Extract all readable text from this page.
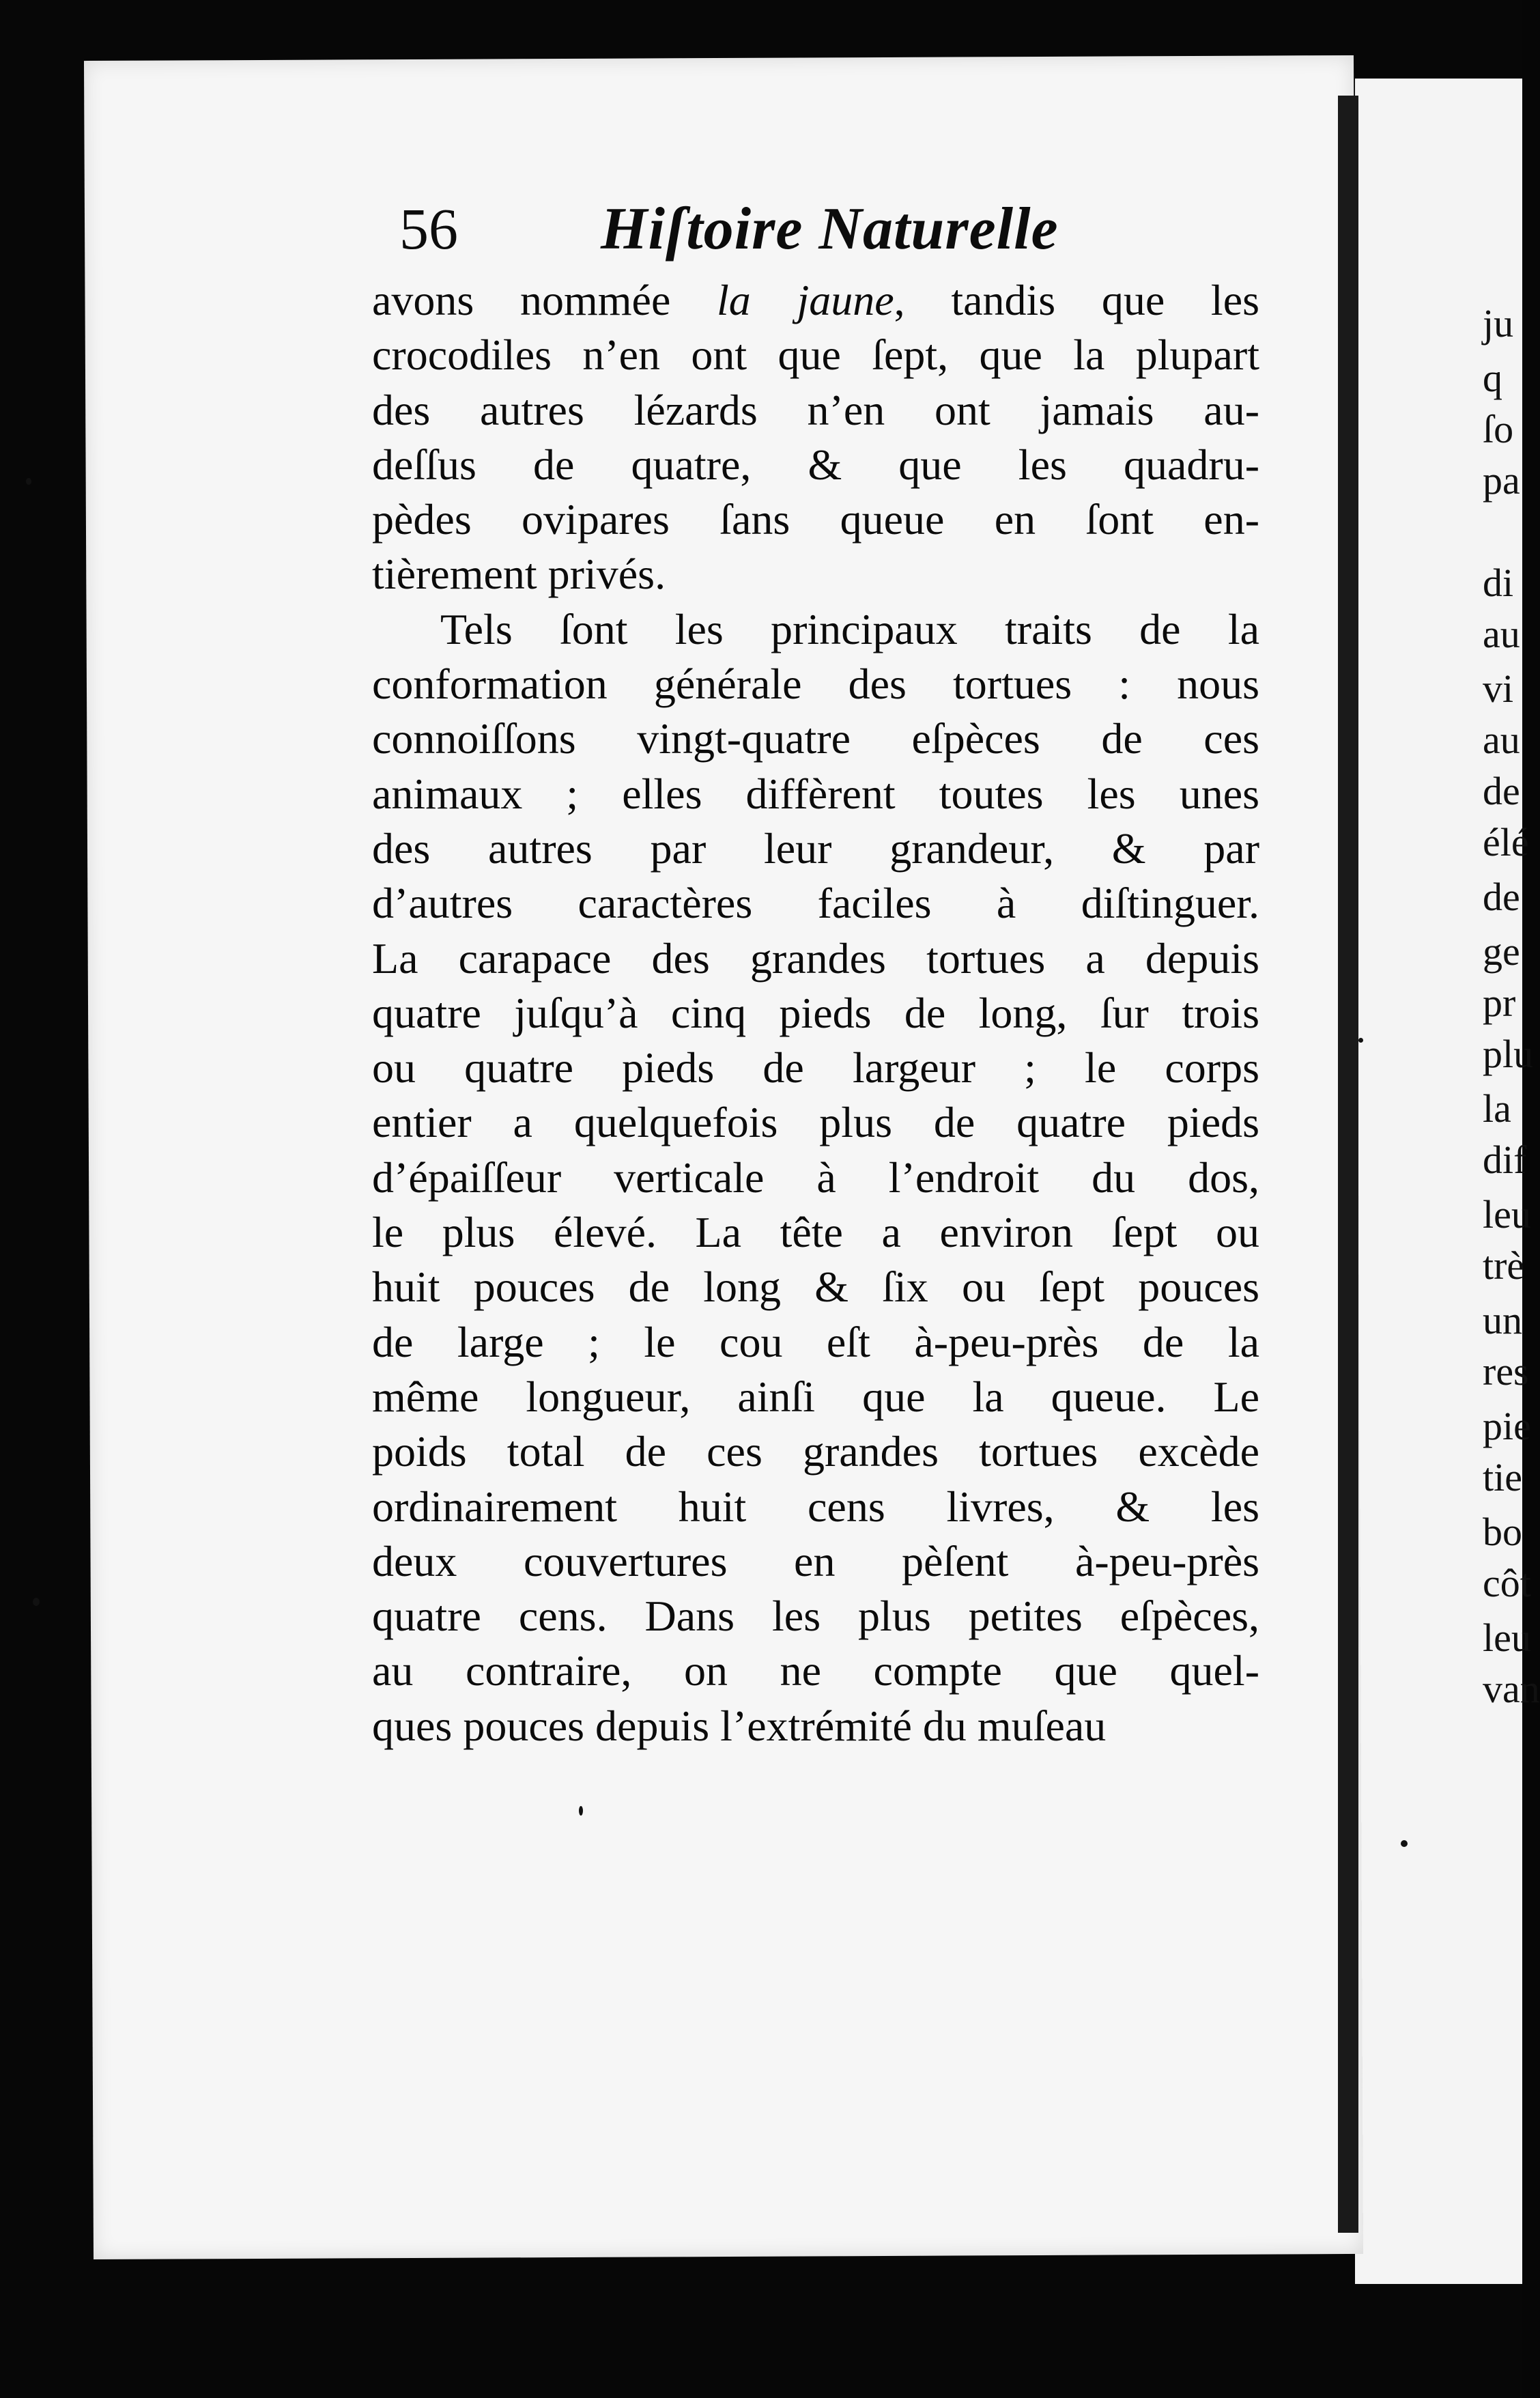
ju
q
ſo
pa
di
au
vi
au
de
élé
de
ge
pr
plu
la
dif
leu
trè
un
res
pie
tie
bo
côt
leu
van
56 Hiſtoire Naturelle
avons nommée la jaune, tandis que les
crocodiles n’en ont que ſept, que la plupart
des autres lézards n’en ont jamais au-
deſſus de quatre, & que les quadru-
pèdes ovipares ſans queue en ſont en-
tièrement privés.
Tels ſont les principaux traits de la
conformation générale des tortues : nous
connoiſſons vingt-quatre eſpèces de ces
animaux ; elles diffèrent toutes les unes
des autres par leur grandeur, & par
d’autres caractères faciles à diſtinguer.
La carapace des grandes tortues a depuis
quatre juſqu’à cinq pieds de long, ſur trois
ou quatre pieds de largeur ; le corps
entier a quelquefois plus de quatre pieds
d’épaiſſeur verticale à l’endroit du dos,
le plus élevé. La tête a environ ſept ou
huit pouces de long & ſix ou ſept pouces
de large ; le cou eſt à-peu-près de la
même longueur, ainſi que la queue. Le
poids total de ces grandes tortues excède
ordinairement huit cens livres, & les
deux couvertures en pèſent à-peu-près
quatre cens. Dans les plus petites eſpèces,
au contraire, on ne compte que quel-
ques pouces depuis l’extrémité du muſeau
